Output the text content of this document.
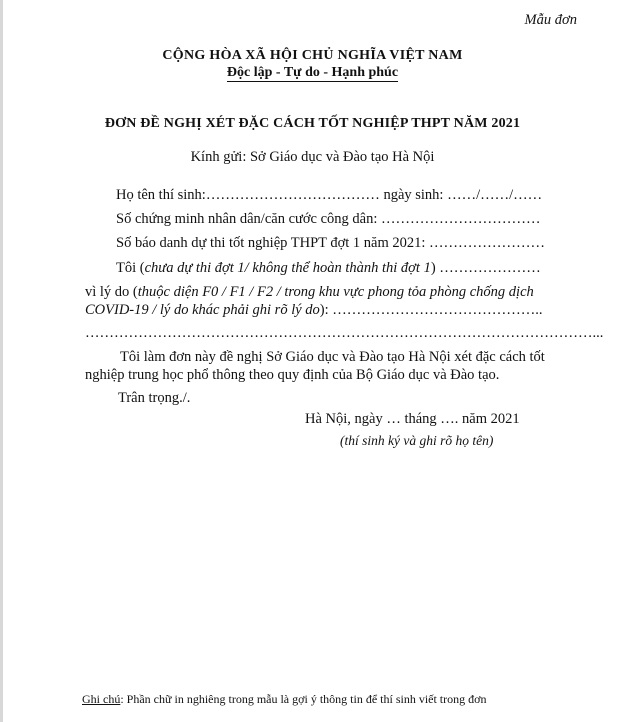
Mẫu đơn
CỘNG HÒA XÃ HỘI CHỦ NGHĨA VIỆT NAM
Độc lập - Tự do - Hạnh phúc
ĐƠN ĐỀ NGHỊ XÉT ĐẶC CÁCH TỐT NGHIỆP THPT NĂM 2021
Kính gửi: Sở Giáo dục và Đào tạo Hà Nội
Họ tên thí sinh:……………………………… ngày sinh: ……/……/……
Số chứng minh nhân dân/căn cước công dân: ……………………………
Số báo danh dự thi tốt nghiệp THPT đợt 1 năm 2021: ……………………
Tôi (chưa dự thi đợt 1/ không thể hoàn thành thi đợt 1) …………………
vì lý do (thuộc diện F0 / F1 / F2 / trong khu vực phong tỏa phòng chống dịch
COVID-19 / lý do khác phải ghi rõ lý do): ……………………………………..
……………………………………………………………………………………………...
Tôi làm đơn này đề nghị Sở Giáo dục và Đào tạo Hà Nội xét đặc cách tốt
nghiệp trung học phổ thông theo quy định của Bộ Giáo dục và Đào tạo.
Trân trọng./.
Hà Nội, ngày … tháng …. năm 2021
(thí sinh ký và ghi rõ họ tên)
Ghi chú: Phần chữ in nghiêng trong mẫu là gợi ý thông tin để thí sinh viết trong đơn
